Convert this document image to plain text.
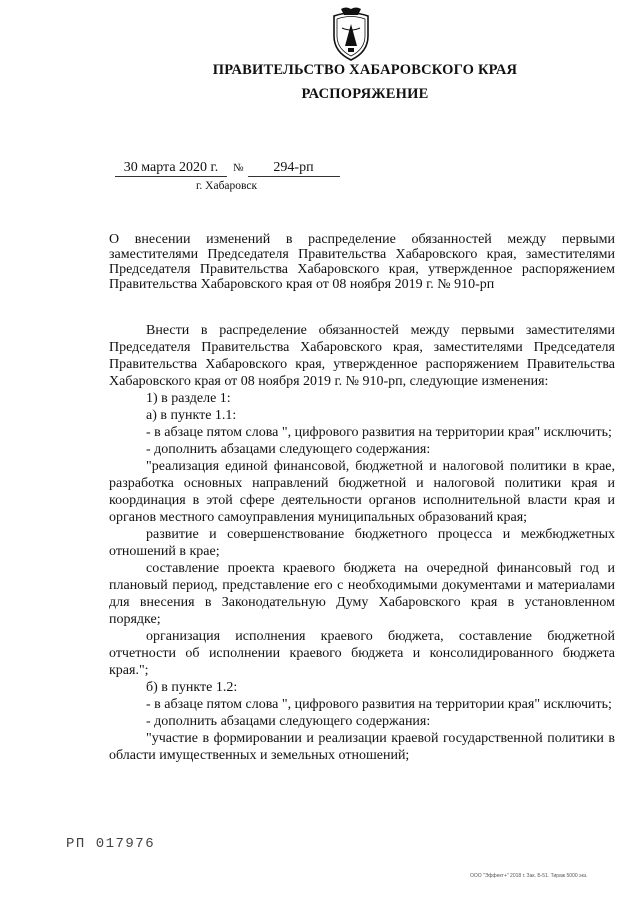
ПРАВИТЕЛЬСТВО ХАБАРОВСКОГО КРАЯ
РАСПОРЯЖЕНИЕ
30 марта 2020 г. № 294-рп
г. Хабаровск
О внесении изменений в распределение обязанностей между первыми заместителями Председателя Правительства Хабаровского края, заместителями Председателя Правительства Хабаровского края, утвержденное распоряжением Правительства Хабаровского края от 08 ноября 2019 г. № 910-рп

Внести в распределение обязанностей между первыми заместителями Председателя Правительства Хабаровского края, заместителями Председателя Правительства Хабаровского края, утвержденное распоряжением Правительства Хабаровского края от 08 ноября 2019 г. № 910-рп, следующие изменения:

1) в разделе 1:

а) в пункте 1.1:

- в абзаце пятом слова ", цифрового развития на территории края" исключить;

- дополнить абзацами следующего содержания:

"реализация единой финансовой, бюджетной и налоговой политики в крае, разработка основных направлений бюджетной и налоговой политики края и координация в этой сфере деятельности органов исполнительной власти края и органов местного самоуправления муниципальных образований края;

развитие и совершенствование бюджетного процесса и межбюджетных отношений в крае;

составление проекта краевого бюджета на очередной финансовый год и плановый период, представление его с необходимыми документами и материалами для внесения в Законодательную Думу Хабаровского края в установленном порядке;

организация исполнения краевого бюджета, составление бюджетной отчетности об исполнении краевого бюджета и консолидированного бюджета края.";

б) в пункте 1.2:

- в абзаце пятом слова ", цифрового развития на территории края" исключить;

- дополнить абзацами следующего содержания:

"участие в формировании и реализации краевой государственной политики в области имущественных и земельных отношений;

РП 017976
ООО "Эффект+" 2018 г. Зак. Б-51. Тираж 5000 экз.
